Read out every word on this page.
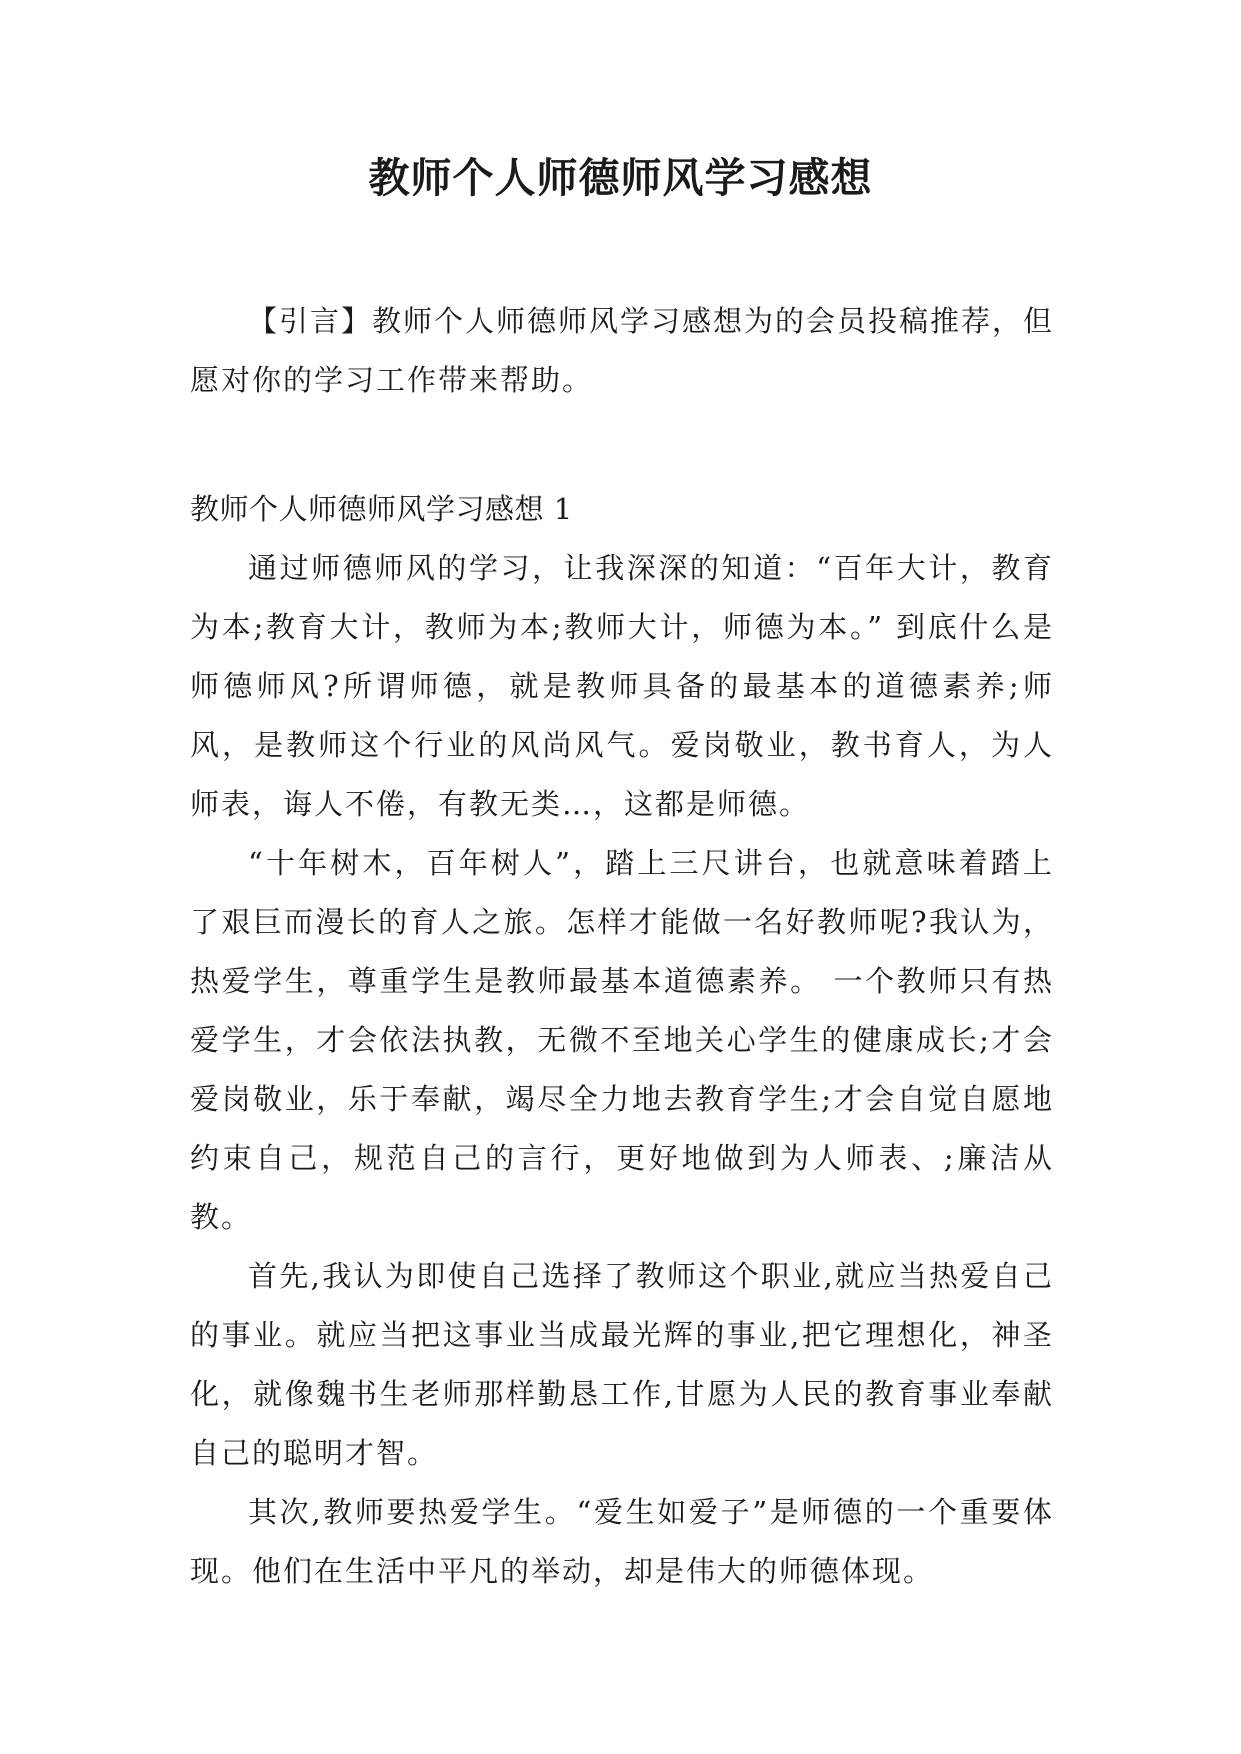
教师个人师德师风学习感想

【引言】教师个人师德师风学习感想为的会员投稿推荐，但愿对你的学习工作带来帮助。

教师个人师德师风学习感想 1

通过师德师风的学习，让我深深的知道：“百年大计，教育为本;教育大计，教师为本;教师大计，师德为本。” 到底什么是师德师风?所谓师德，就是教师具备的最基本的道德素养;师风，是教师这个行业的风尚风气。爱岗敬业，教书育人，为人师表，诲人不倦，有教无类…，这都是师德。

“十年树木，百年树人”，踏上三尺讲台，也就意味着踏上了艰巨而漫长的育人之旅。怎样才能做一名好教师呢?我认为，热爱学生，尊重学生是教师最基本道德素养。 一个教师只有热爱学生，才会依法执教，无微不至地关心学生的健康成长;才会爱岗敬业，乐于奉献，竭尽全力地去教育学生;才会自觉自愿地约束自己，规范自己的言行，更好地做到为人师表、;廉洁从教。

首先,我认为即使自己选择了教师这个职业,就应当热爱自己的事业。就应当把这事业当成最光辉的事业,把它理想化，神圣化，就像魏书生老师那样勤恳工作,甘愿为人民的教育事业奉献自己的聪明才智。

其次,教师要热爱学生。“爱生如爱子”是师德的一个重要体现。他们在生活中平凡的举动，却是伟大的师德体现。
